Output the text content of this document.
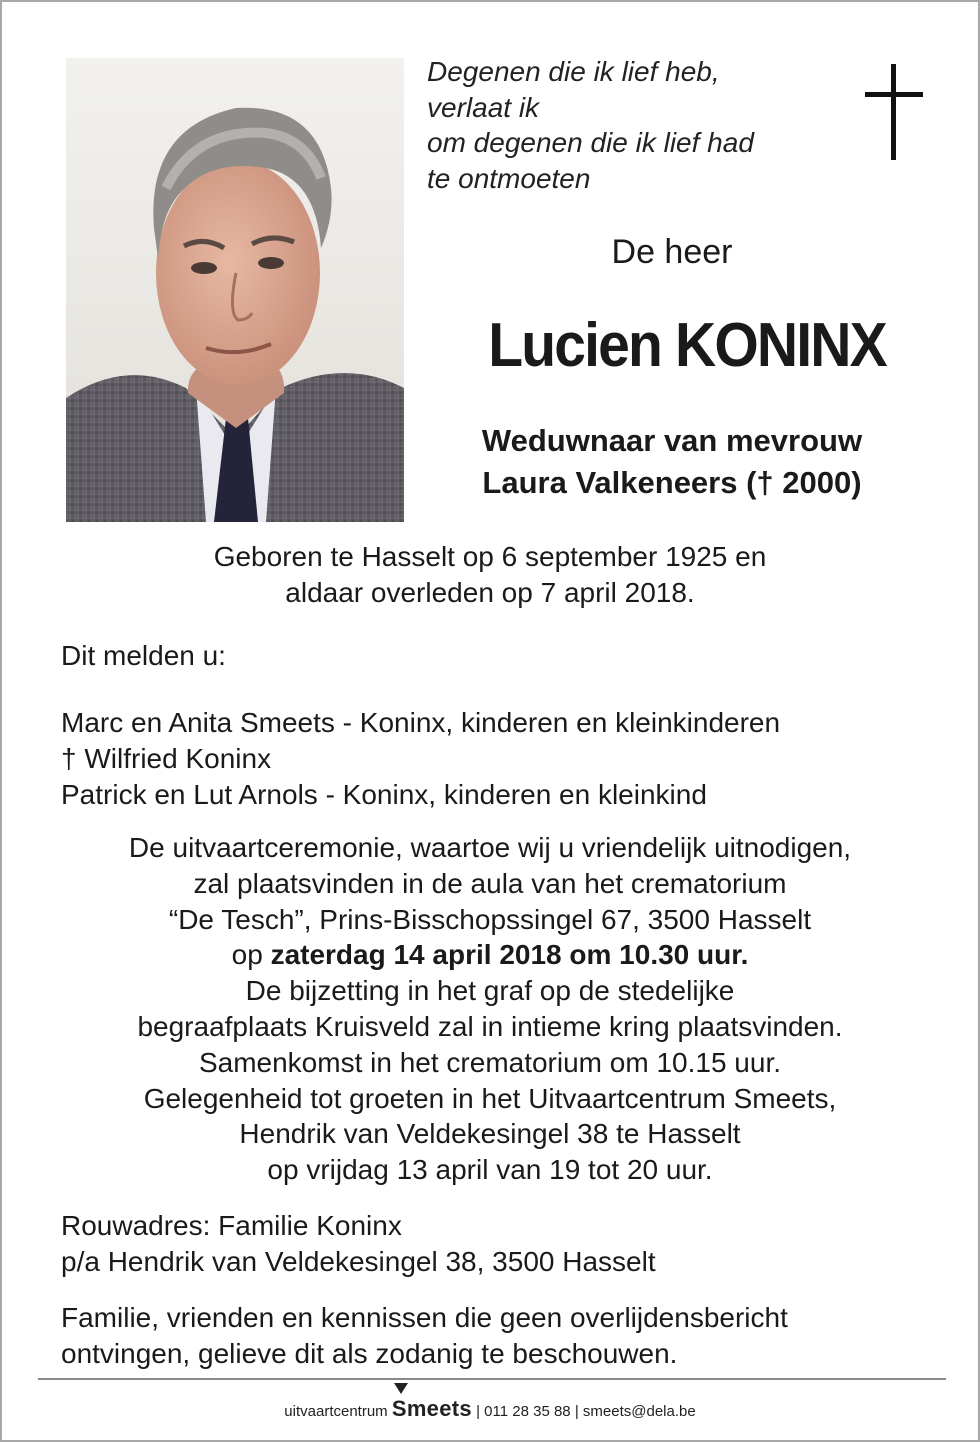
Degenen die ik lief heb,
verlaat ik
om degenen die ik lief had
te ontmoeten
De heer
Lucien KONINX
Weduwnaar van mevrouw
Laura Valkeneers († 2000)
Geboren te Hasselt op 6 september 1925 en
aldaar overleden op 7 april 2018.
Dit melden u:
Marc en Anita Smeets - Koninx, kinderen en kleinkinderen
† Wilfried Koninx
Patrick en Lut Arnols - Koninx, kinderen en kleinkind
De uitvaartceremonie, waartoe wij u vriendelijk uitnodigen,
zal plaatsvinden in de aula van het crematorium
“De Tesch”, Prins-Bisschopssingel 67, 3500 Hasselt
op zaterdag 14 april 2018 om 10.30 uur.
De bijzetting in het graf op de stedelijke
begraafplaats Kruisveld zal in intieme kring plaatsvinden.
Samenkomst in het crematorium om 10.15 uur.
Gelegenheid tot groeten in het Uitvaartcentrum Smeets,
Hendrik van Veldekesingel 38 te Hasselt
op vrijdag 13 april van 19 tot 20 uur.
Rouwadres: Familie Koninx
p/a Hendrik van Veldekesingel 38, 3500 Hasselt
Familie, vrienden en kennissen die geen overlijdensbericht
ontvingen, gelieve dit als zodanig te beschouwen.
uitvaartcentrum Smeets | 011 28 35 88 | smeets@dela.be
